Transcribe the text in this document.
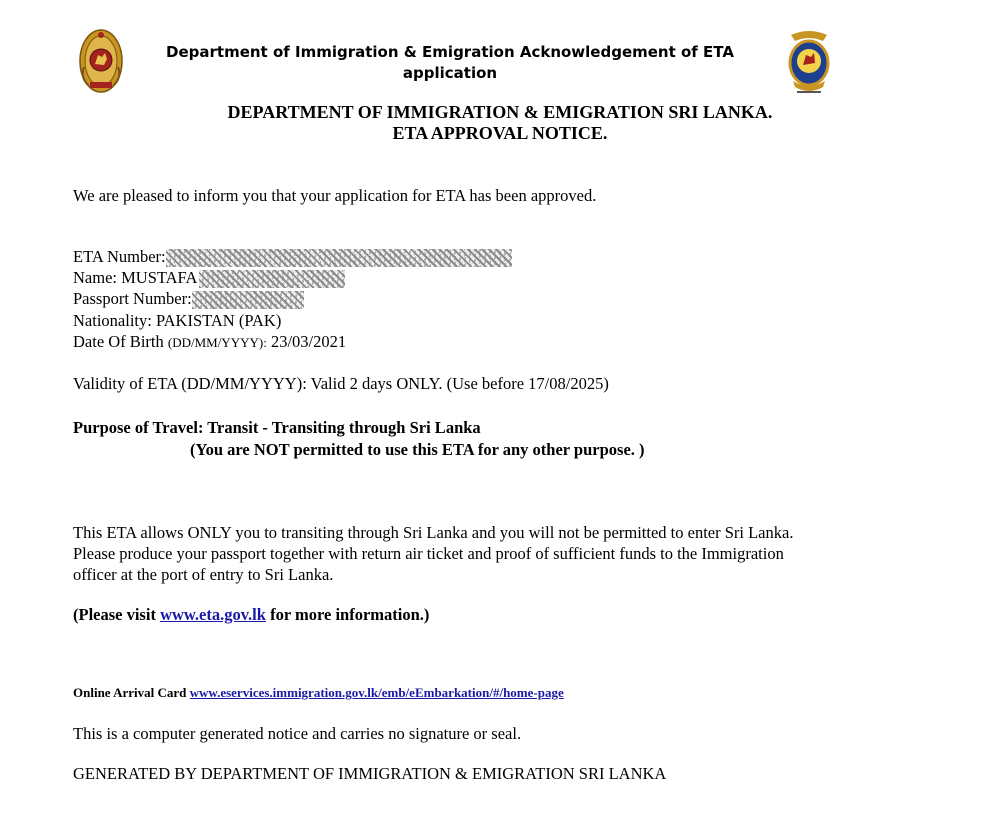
Department of Immigration & Emigration Acknowledgement of ETA application
DEPARTMENT OF IMMIGRATION & EMIGRATION SRI LANKA.
ETA APPROVAL NOTICE.
We are pleased to inform you that your application for ETA has been approved.
ETA Number:
Name: MUSTAFA
Passport Number:
Nationality: PAKISTAN (PAK)
Date Of Birth (DD/MM/YYYY): 23/03/2021
Validity of ETA (DD/MM/YYYY): Valid 2 days ONLY. (Use before 17/08/2025)
Purpose of Travel: Transit - Transiting through Sri Lanka
(You are NOT permitted to use this ETA for any other purpose. )
This ETA allows ONLY you to transiting through Sri Lanka and you will not be permitted to enter Sri Lanka.
Please produce your passport together with return air ticket and proof of sufficient funds to the Immigration
officer at the port of entry to Sri Lanka.
(Please visit www.eta.gov.lk for more information.)
Online Arrival Card www.eservices.immigration.gov.lk/emb/eEmbarkation/#/home-page
This is a computer generated notice and carries no signature or seal.
GENERATED BY DEPARTMENT OF IMMIGRATION & EMIGRATION SRI LANKA
